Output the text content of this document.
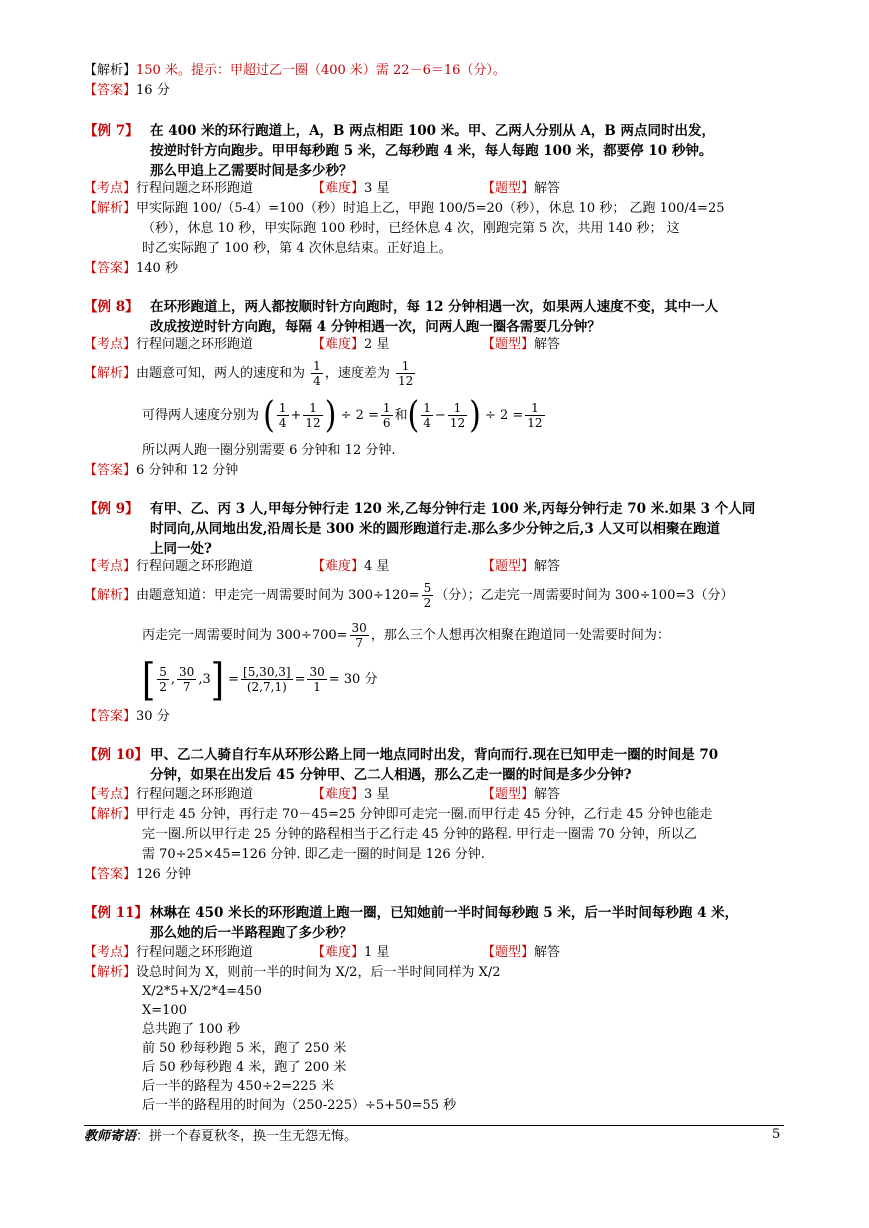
【解析】150 米。提示：甲超过乙一圈（400 米）需 22－6＝16（分）。
【答案】16 分
【例 7】 在 400 米的环行跑道上，A，B 两点相距 100 米。甲、乙两人分别从 A，B 两点同时出发，
按逆时针方向跑步。甲甲每秒跑 5 米，乙每秒跑 4 米，每人每跑 100 米，都要停 10 秒钟。
那么甲追上乙需要时间是多少秒？
【考点】行程问题之环形跑道	【难度】3 星	【题型】解答
【解析】甲实际跑 100/（5-4）=100（秒）时追上乙，甲跑 100/5=20（秒），休息 10 秒； 乙跑 100/4=25
（秒），休息 10 秒，甲实际跑 100 秒时，已经休息 4 次，刚跑完第 5 次，共用 140 秒； 这
时乙实际跑了 100 秒，第 4 次休息结束。正好追上。
【答案】140 秒
【例 8】 在环形跑道上，两人都按顺时针方向跑时，每 12 分钟相遇一次，如果两人速度不变，其中一人
改成按逆时针方向跑，每隔 4 分钟相遇一次，问两人跑一圈各需要几分钟？
【考点】行程问题之环形跑道	【难度】2 星	【题型】解答
【解析】由题意可知，两人的速度和为 $\frac{1}{4}$ ，速度差为 $\frac{1}{12}$
可得两人速度分别为 ( $\frac{1}{4} + \frac{1}{12}$ ) ÷ $2 = \frac{1}{6}$ 和( $\frac{1}{4} - \frac{1}{12}$ ) ÷ $2 = \frac{1}{12}$
所以两人跑一圈分别需要 6 分钟和 12 分钟.
【答案】6 分钟和 12 分钟
【例 9】 有甲、乙、丙 3 人,甲每分钟行走 120 米,乙每分钟行走 100 米,丙每分钟行走 70 米.如果 3 个人同
时同向,从同地出发,沿周长是 300 米的圆形跑道行走.那么多少分钟之后,3 人又可以相聚在跑道
上同一处?
【考点】行程问题之环形跑道	【难度】4 星	【题型】解答
【解析】由题意知道：甲走完一周需要时间为 $300\div 120= \frac{5}{2}$ （分）；乙走完一周需要时间为 300÷100=3（分）
丙走完一周需要时间为 $300\div 700= \frac{30}{7}$ ，那么三个人想再次相聚在跑道同一处需要时间为：
[ $\frac{5}{2}$ , $\frac{30}{7} ,3] = \frac{[5,30,3]}{(2,7,1)} = \frac{30}{1} = 30$ 分
【答案】30 分
【例 10】 甲、乙二人骑自行车从环形公路上同一地点同时出发，背向而行.现在已知甲走一圈的时间是 70
分钟，如果在出发后 45 分钟甲、乙二人相遇，那么乙走一圈的时间是多少分钟?
【考点】行程问题之环形跑道	【难度】3 星	【题型】解答
【解析】甲行走 45 分钟，再行走 70－45=25 分钟即可走完一圈.而甲行走 45 分钟，乙行走 45 分钟也能走
完一圈.所以甲行走 25 分钟的路程相当于乙行走 45 分钟的路程. 甲行走一圈需 70 分钟，所以乙
需 70÷25×45=126 分钟. 即乙走一圈的时间是 126 分钟.
【答案】126 分钟
【例 11】 林琳在 450 米长的环形跑道上跑一圈，已知她前一半时间每秒跑 5 米，后一半时间每秒跑 4 米，
那么她的后一半路程跑了多少秒？
【考点】行程问题之环形跑道	【难度】1 星	【题型】解答
【解析】设总时间为 X，则前一半的时间为 X/2，后一半时间同样为 X/2
X/2*5+X/2*4=450
X=100
总共跑了 100 秒
前 50 秒每秒跑 5 米，跑了 250 米
后 50 秒每秒跑 4 米，跑了 200 米
后一半的路程为 450÷2=225 米
后一半的路程用的时间为（250-225）÷5+50=55 秒
教师寄语：拼一个春夏秋冬，换一生无怨无悔。	5
